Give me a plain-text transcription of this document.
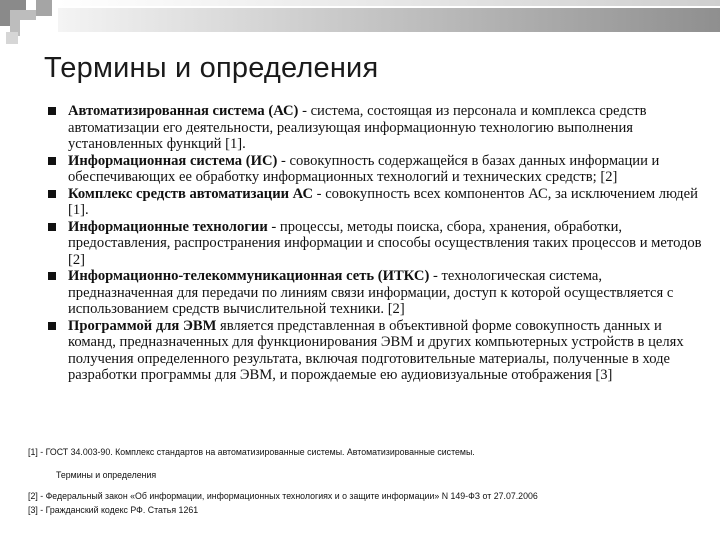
Термины и определения
Автоматизированная система (АС) - система, состоящая из персонала и комплекса средств автоматизации его деятельности, реализующая информационную технологию выполнения установленных функций [1].
Информационная система (ИС) - совокупность содержащейся в базах данных информации и обеспечивающих ее обработку информационных технологий и технических средств; [2]
Комплекс средств автоматизации АС - совокупность всех компонентов АС, за исключением людей [1].
Информационные технологии - процессы, методы поиска, сбора, хранения, обработки, предоставления, распространения информации и способы осуществления таких процессов и методов [2]
Информационно-телекоммуникационная сеть (ИТКС) - технологическая система, предназначенная для передачи по линиям связи информации, доступ к которой осуществляется с использованием средств вычислительной техники. [2]
Программой для ЭВМ является представленная в объективной форме совокупность данных и команд, предназначенных для функционирования ЭВМ и других компьютерных устройств в целях получения определенного результата, включая подготовительные материалы, полученные в ходе разработки программы для ЭВМ, и порождаемые ею аудиовизуальные отображения [3]
[1] - ГОСТ 34.003-90. Комплекс стандартов на автоматизированные системы. Автоматизированные системы.
Термины и определения
[2] - Федеральный закон «Об информации, информационных технологиях и о защите информации» N 149-ФЗ от 27.07.2006
[3] - Гражданский кодекс РФ. Статья 1261
